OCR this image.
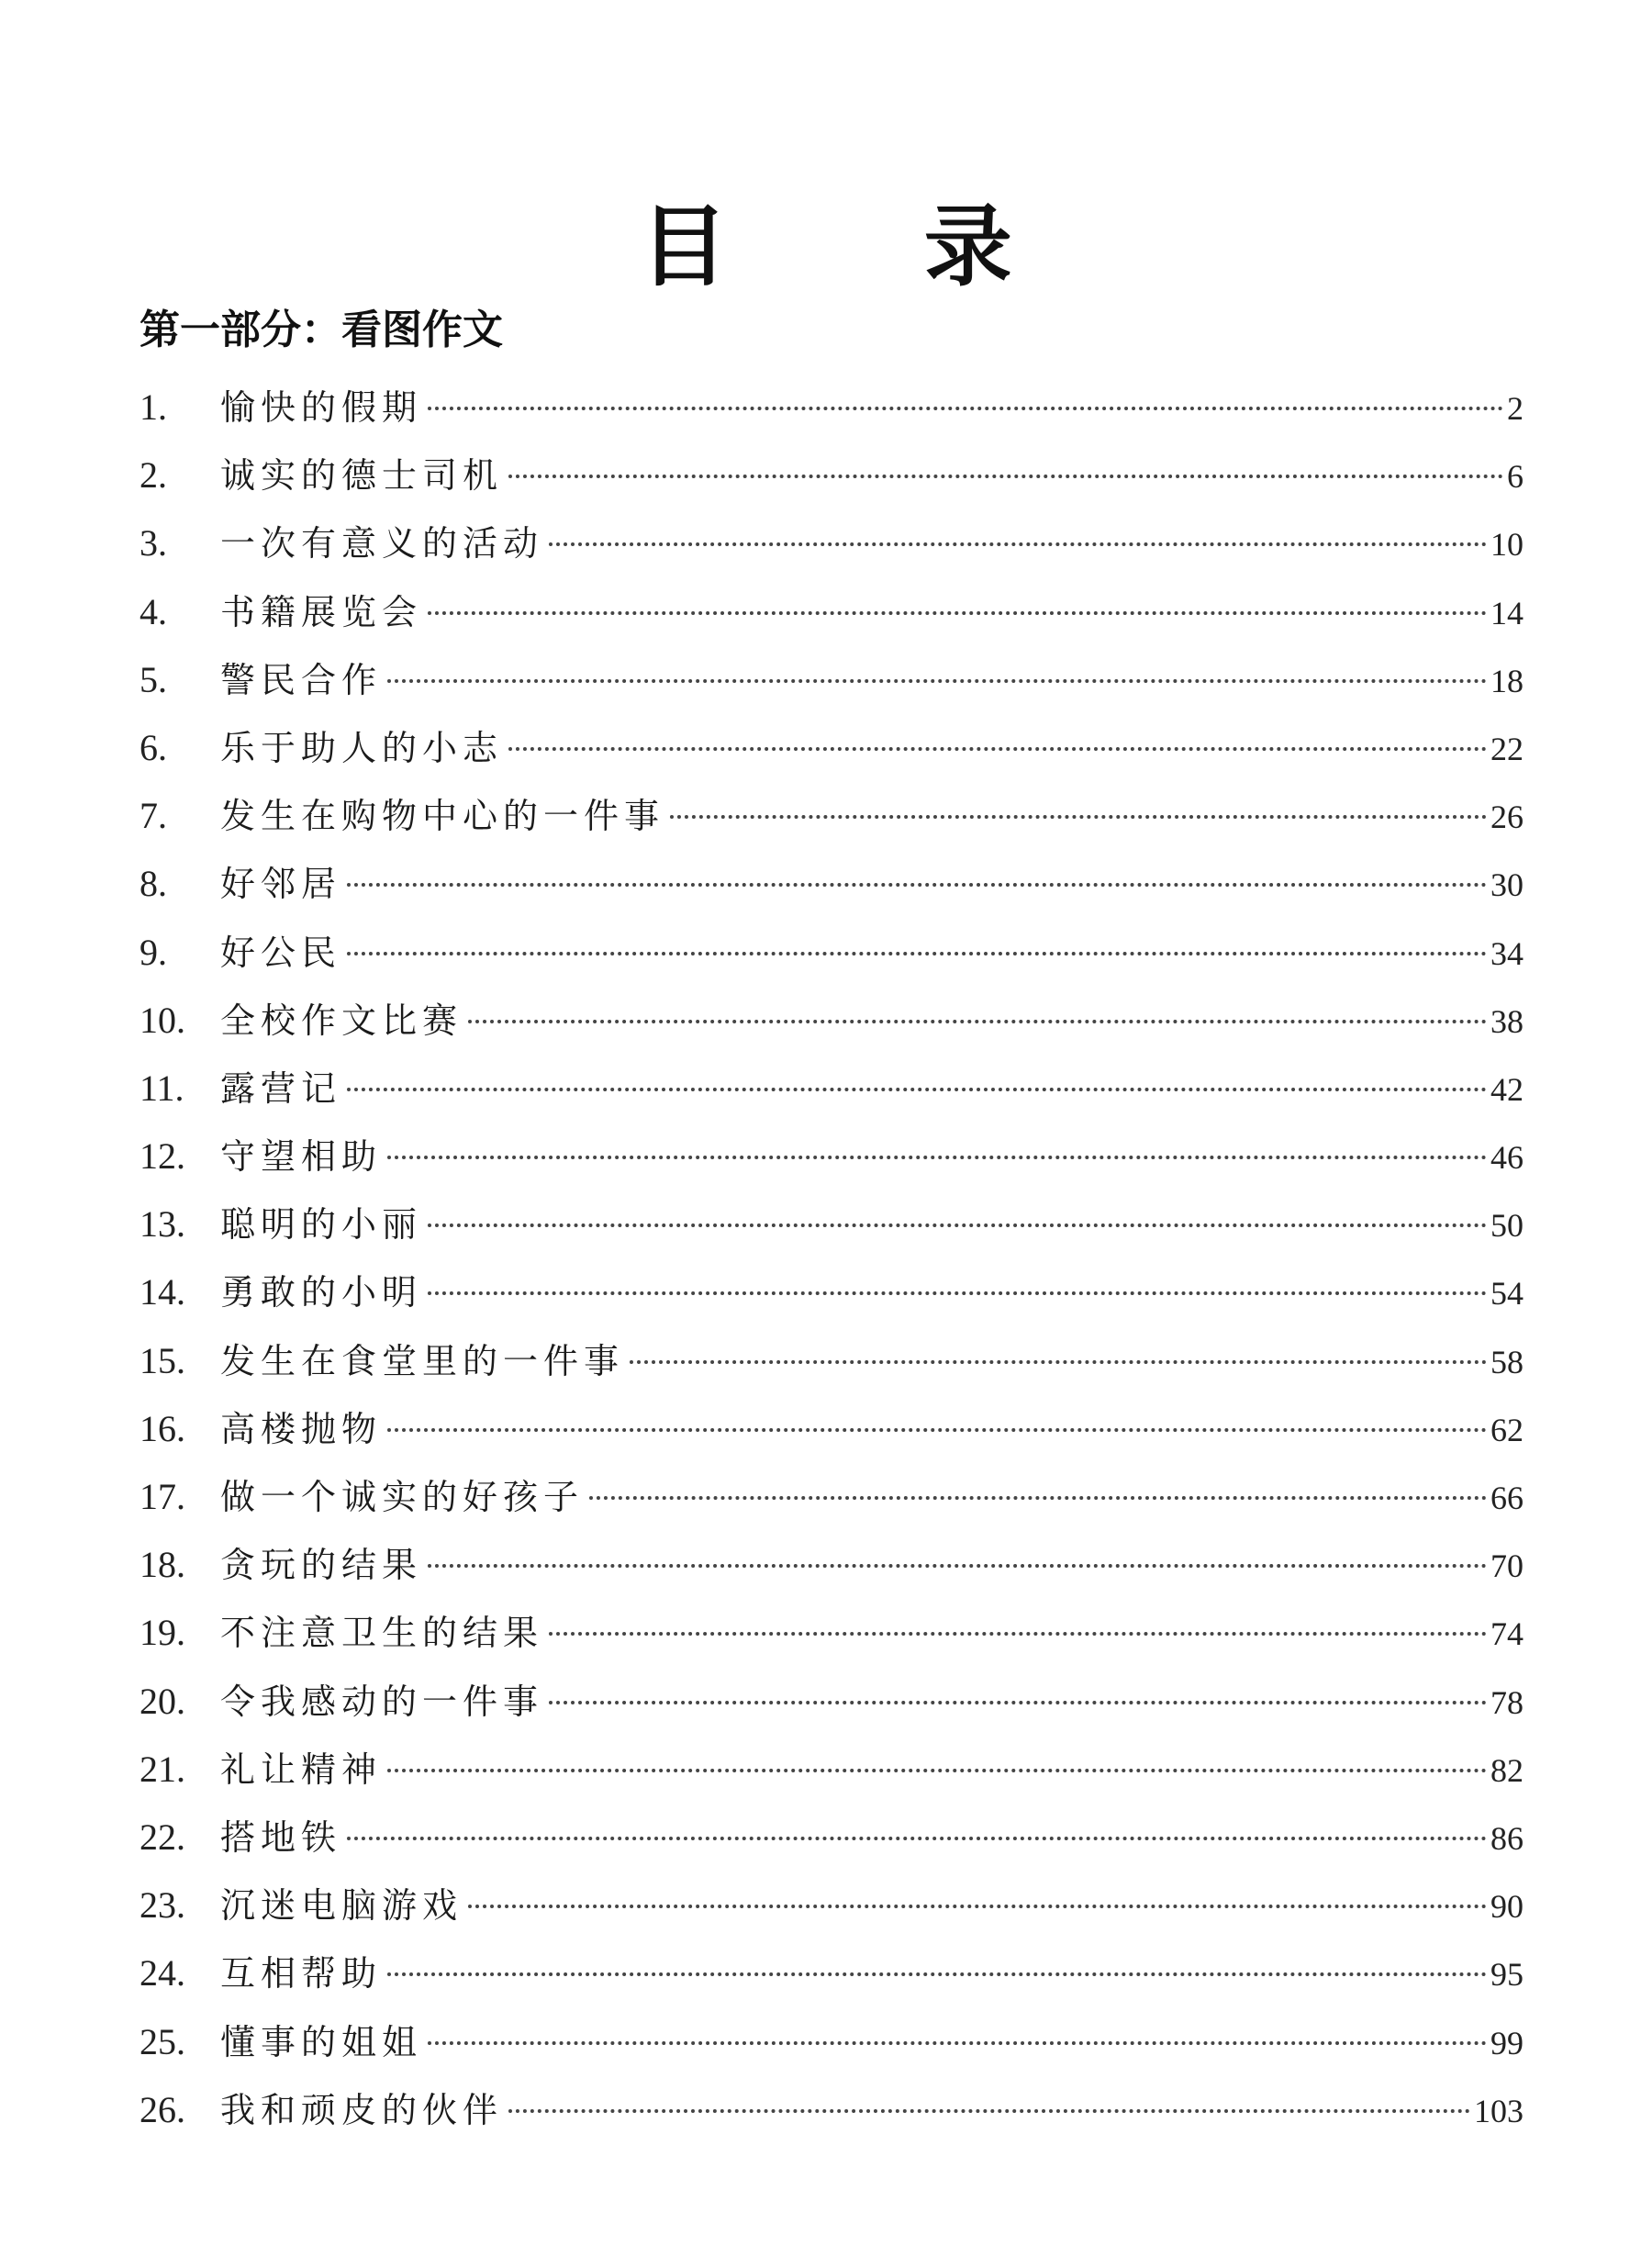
目 录
第一部分：看图作文
1.	愉快的假期	2
2.	诚实的德士司机	6
3.	一次有意义的活动	10
4.	书籍展览会	14
5.	警民合作	18
6.	乐于助人的小志	22
7.	发生在购物中心的一件事	26
8.	好邻居	30
9.	好公民	34
10.	全校作文比赛	38
11.	露营记	42
12.	守望相助	46
13.	聪明的小丽	50
14.	勇敢的小明	54
15.	发生在食堂里的一件事	58
16.	高楼抛物	62
17.	做一个诚实的好孩子	66
18.	贪玩的结果	70
19.	不注意卫生的结果	74
20.	令我感动的一件事	78
21.	礼让精神	82
22.	搭地铁	86
23.	沉迷电脑游戏	90
24.	互相帮助	95
25.	懂事的姐姐	99
26.	我和顽皮的伙伴	103
